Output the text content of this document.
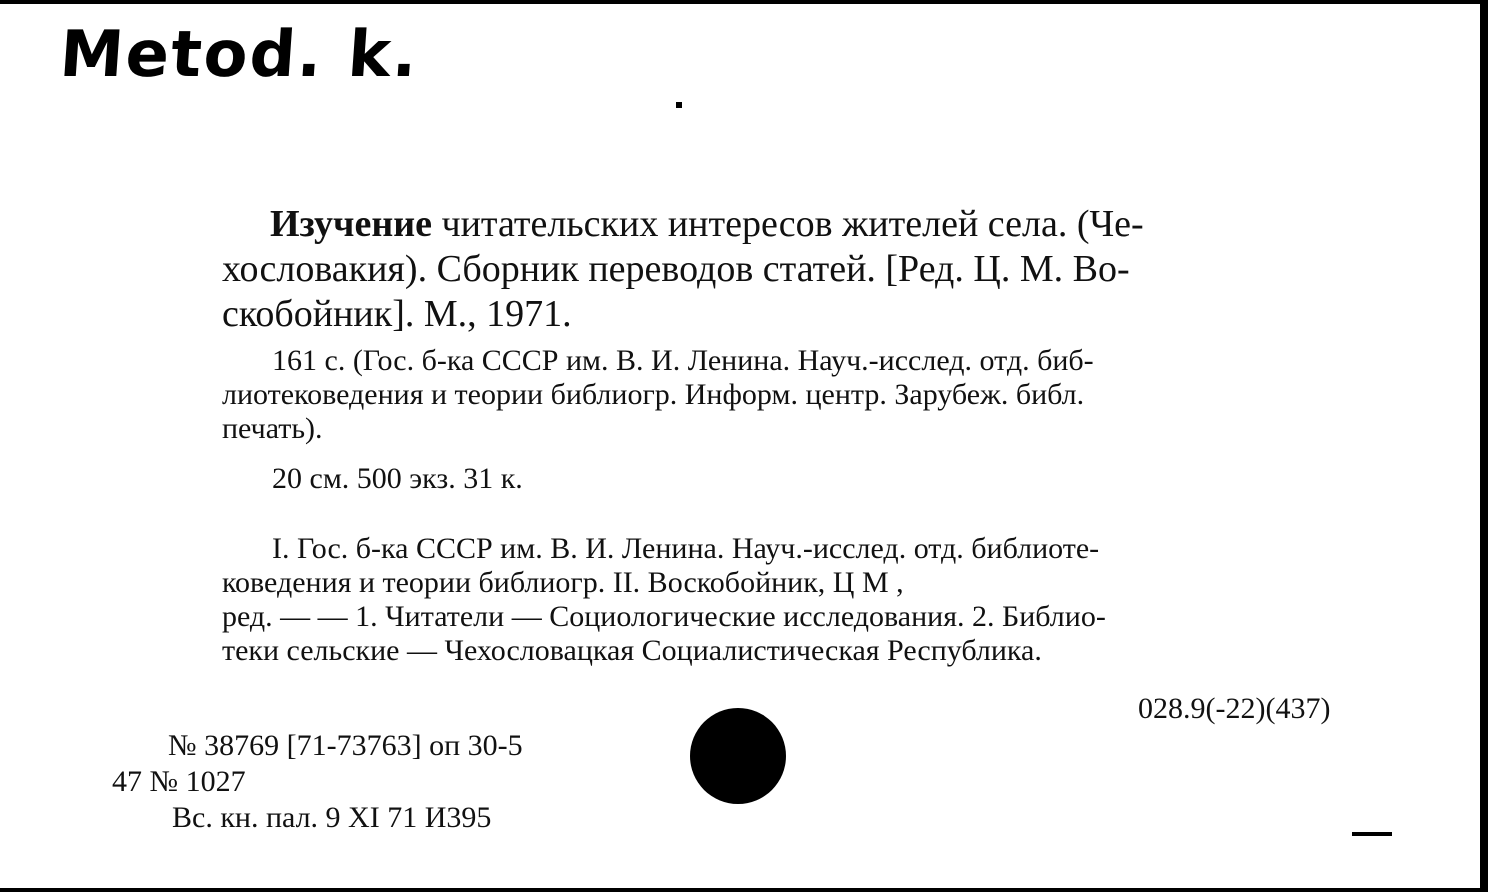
Metod. k.
Изучение читательских интересов жителей села. (Че-
хословакия). Сборник переводов статей. [Ред. Ц. М. Во-
скобойник]. М., 1971.
161 с. (Гос. б-ка СССР им. В. И. Ленина. Науч.-исслед. отд. биб-
лиотековедения и теории библиогр. Информ. центр. Зарубеж. библ.
печать).
20 см. 500 экз. 31 к.
I. Гос. б-ка СССР им. В. И. Ленина. Науч.-исслед. отд. библиоте-
коведения и теории библиогр. II. Воскобойник, Ц М ,
ред. — — 1. Читатели — Социологические исследования. 2. Библио-
теки сельские — Чехословацкая Социалистическая Республика.
028.9(-22)(437)
№ 38769 [71-73763] оп 30-5
47 № 1027
Вс. кн. пал. 9 XI 71 И395
